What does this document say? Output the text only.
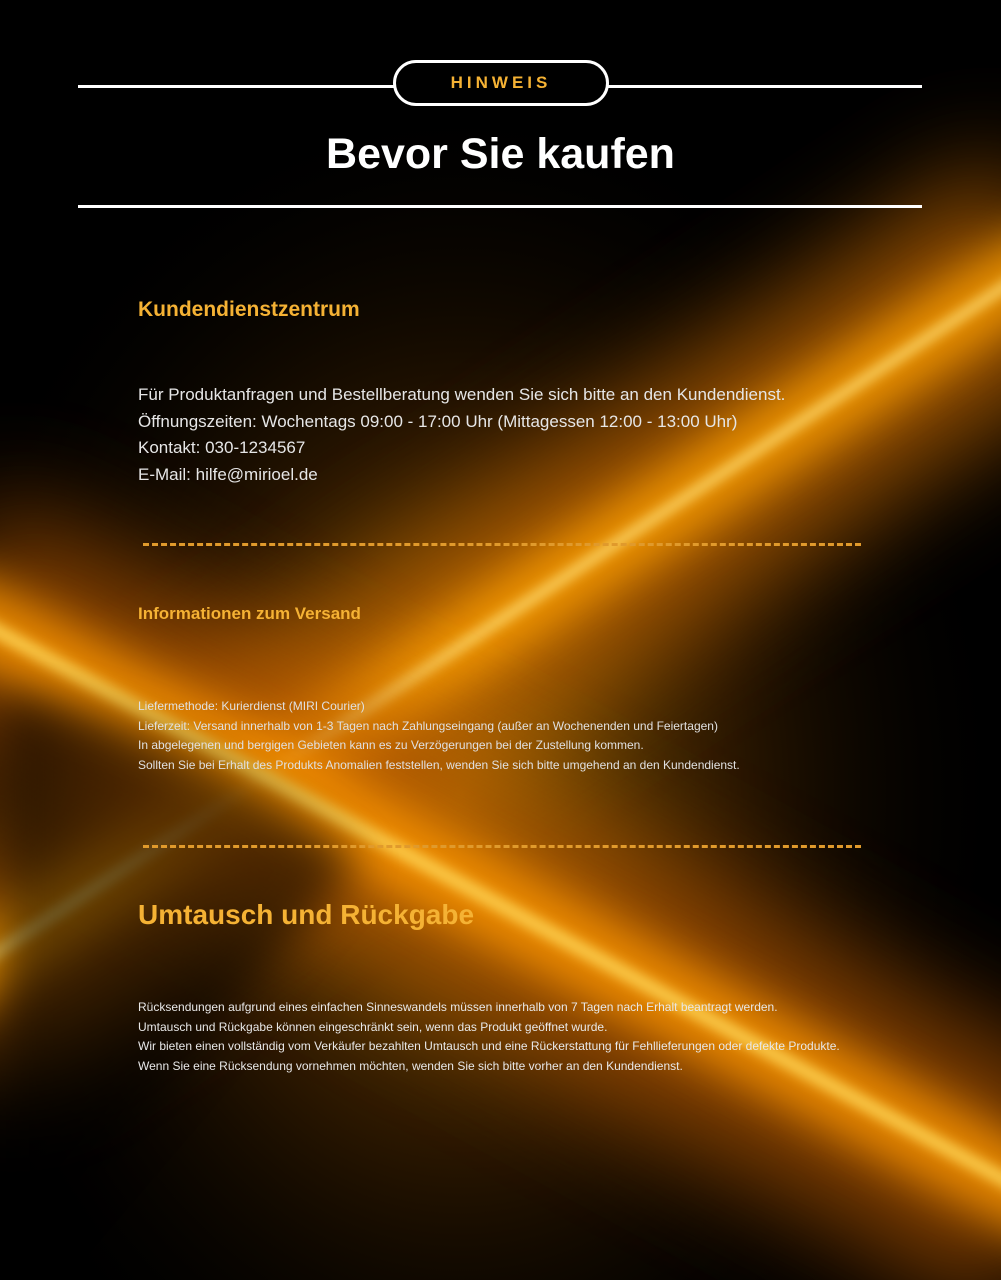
HINWEIS
Bevor Sie kaufen
Kundendienstzentrum
Für Produktanfragen und Bestellberatung wenden Sie sich bitte an den Kundendienst.
Öffnungszeiten: Wochentags 09:00 - 17:00 Uhr (Mittagessen 12:00 - 13:00 Uhr)
Kontakt: 030-1234567
E-Mail: hilfe@mirioel.de
Informationen zum Versand
Liefermethode: Kurierdienst (MIRI Courier)
Lieferzeit: Versand innerhalb von 1-3 Tagen nach Zahlungseingang (außer an Wochenenden und Feiertagen)
In abgelegenen und bergigen Gebieten kann es zu Verzögerungen bei der Zustellung kommen.
Sollten Sie bei Erhalt des Produkts Anomalien feststellen, wenden Sie sich bitte umgehend an den Kundendienst.
Umtausch und Rückgabe
Rücksendungen aufgrund eines einfachen Sinneswandels müssen innerhalb von 7 Tagen nach Erhalt beantragt werden.
Umtausch und Rückgabe können eingeschränkt sein, wenn das Produkt geöffnet wurde.
Wir bieten einen vollständig vom Verkäufer bezahlten Umtausch und eine Rückerstattung für Fehllieferungen oder defekte Produkte.
Wenn Sie eine Rücksendung vornehmen möchten, wenden Sie sich bitte vorher an den Kundendienst.
